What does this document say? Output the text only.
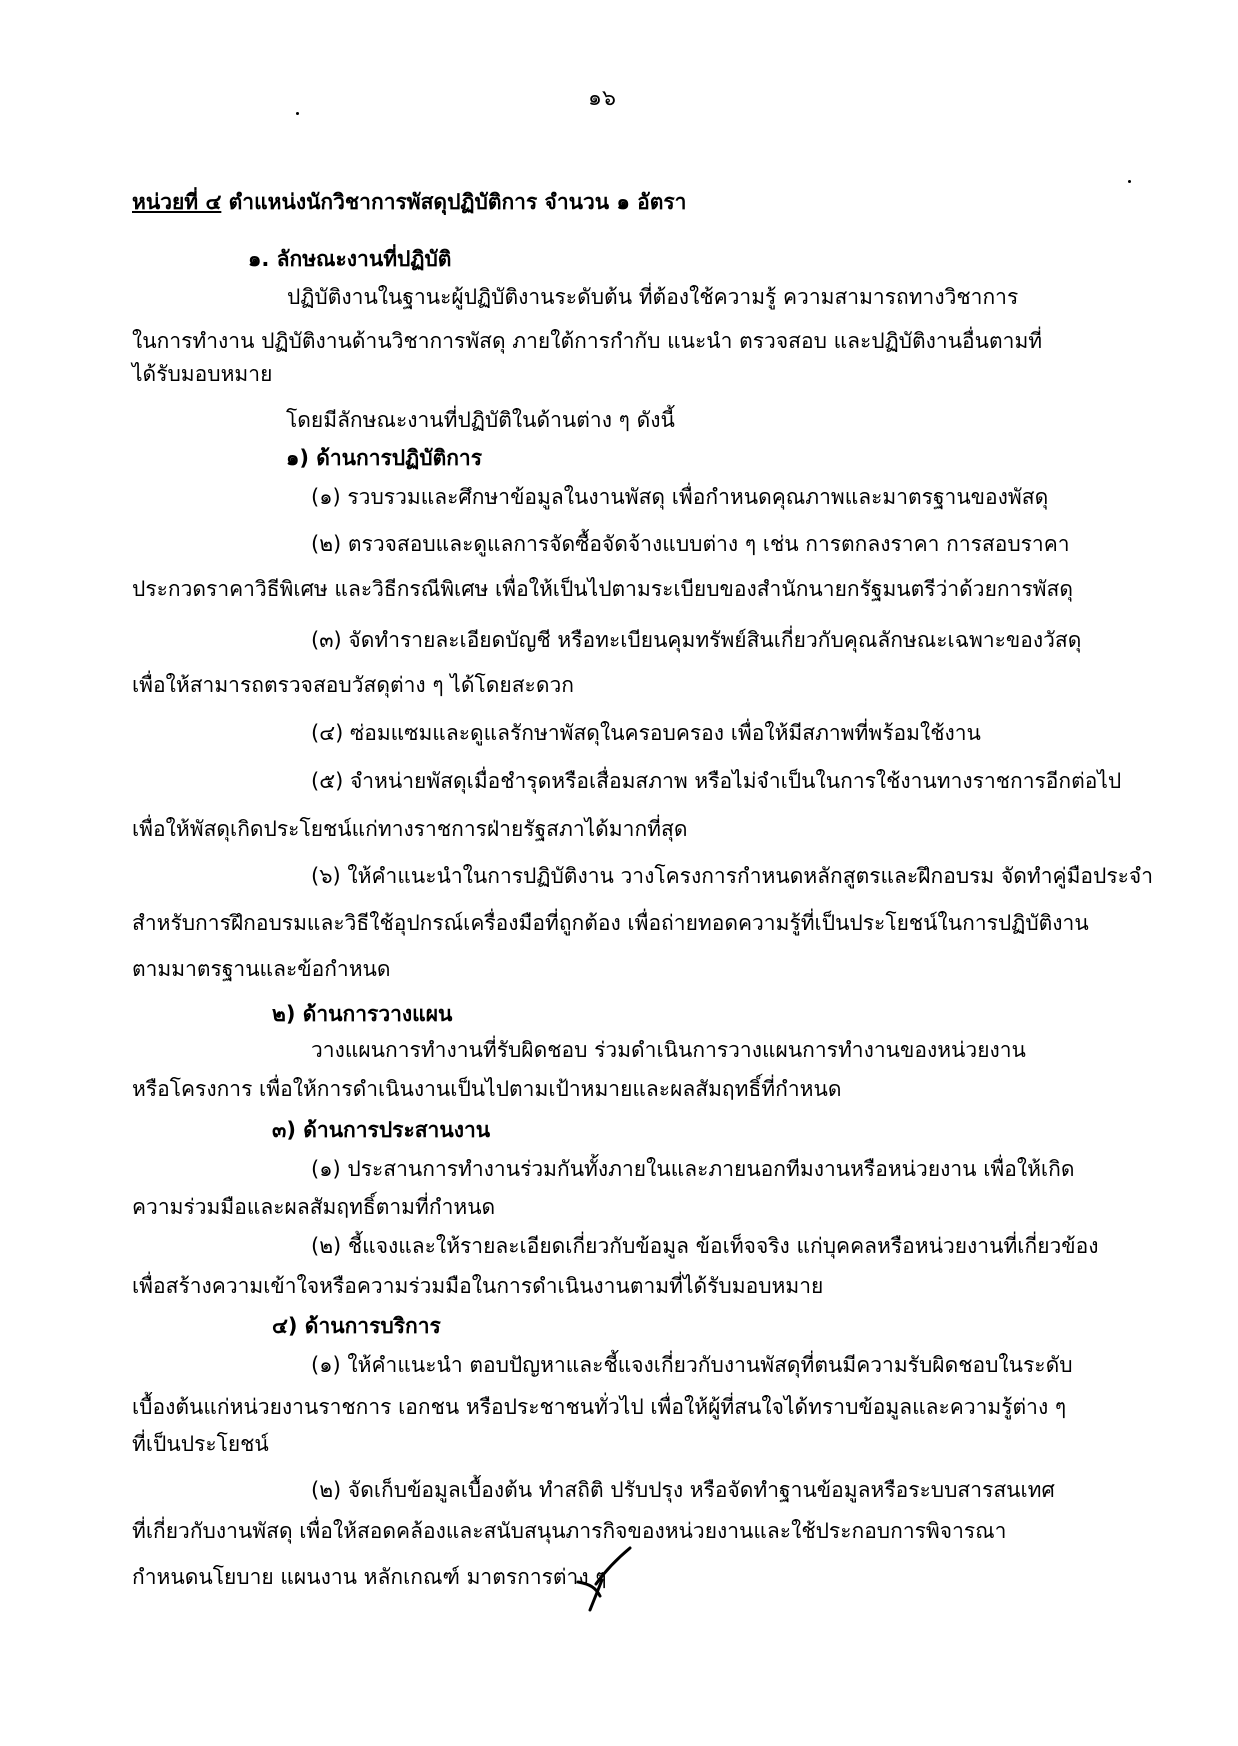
๑๖
หน่วยที่ ๔ ตำแหน่งนักวิชาการพัสดุปฏิบัติการ จำนวน ๑ อัตรา
๑. ลักษณะงานที่ปฏิบัติ
ปฏิบัติงานในฐานะผู้ปฏิบัติงานระดับต้น ที่ต้องใช้ความรู้ ความสามารถทางวิชาการ
ในการทำงาน ปฏิบัติงานด้านวิชาการพัสดุ ภายใต้การกำกับ แนะนำ ตรวจสอบ และปฏิบัติงานอื่นตามที่
ได้รับมอบหมาย
โดยมีลักษณะงานที่ปฏิบัติในด้านต่าง ๆ ดังนี้
๑) ด้านการปฏิบัติการ
(๑) รวบรวมและศึกษาข้อมูลในงานพัสดุ เพื่อกำหนดคุณภาพและมาตรฐานของพัสดุ
(๒) ตรวจสอบและดูแลการจัดซื้อจัดจ้างแบบต่าง ๆ เช่น การตกลงราคา การสอบราคา
ประกวดราคาวิธีพิเศษ และวิธีกรณีพิเศษ เพื่อให้เป็นไปตามระเบียบของสำนักนายกรัฐมนตรีว่าด้วยการพัสดุ
(๓) จัดทำรายละเอียดบัญชี หรือทะเบียนคุมทรัพย์สินเกี่ยวกับคุณลักษณะเฉพาะของวัสดุ
เพื่อให้สามารถตรวจสอบวัสดุต่าง ๆ ได้โดยสะดวก
(๔) ซ่อมแซมและดูแลรักษาพัสดุในครอบครอง เพื่อให้มีสภาพที่พร้อมใช้งาน
(๕) จำหน่ายพัสดุเมื่อชำรุดหรือเสื่อมสภาพ หรือไม่จำเป็นในการใช้งานทางราชการอีกต่อไป
เพื่อให้พัสดุเกิดประโยชน์แก่ทางราชการฝ่ายรัฐสภาได้มากที่สุด
(๖) ให้คำแนะนำในการปฏิบัติงาน วางโครงการกำหนดหลักสูตรและฝึกอบรม จัดทำคู่มือประจำ
สำหรับการฝึกอบรมและวิธีใช้อุปกรณ์เครื่องมือที่ถูกต้อง เพื่อถ่ายทอดความรู้ที่เป็นประโยชน์ในการปฏิบัติงาน
ตามมาตรฐานและข้อกำหนด
๒) ด้านการวางแผน
วางแผนการทำงานที่รับผิดชอบ ร่วมดำเนินการวางแผนการทำงานของหน่วยงาน
หรือโครงการ เพื่อให้การดำเนินงานเป็นไปตามเป้าหมายและผลสัมฤทธิ์ที่กำหนด
๓) ด้านการประสานงาน
(๑) ประสานการทำงานร่วมกันทั้งภายในและภายนอกทีมงานหรือหน่วยงาน เพื่อให้เกิด
ความร่วมมือและผลสัมฤทธิ์ตามที่กำหนด
(๒) ชี้แจงและให้รายละเอียดเกี่ยวกับข้อมูล ข้อเท็จจริง แก่บุคคลหรือหน่วยงานที่เกี่ยวข้อง
เพื่อสร้างความเข้าใจหรือความร่วมมือในการดำเนินงานตามที่ได้รับมอบหมาย
๔) ด้านการบริการ
(๑) ให้คำแนะนำ ตอบปัญหาและชี้แจงเกี่ยวกับงานพัสดุที่ตนมีความรับผิดชอบในระดับ
เบื้องต้นแก่หน่วยงานราชการ เอกชน หรือประชาชนทั่วไป เพื่อให้ผู้ที่สนใจได้ทราบข้อมูลและความรู้ต่าง ๆ
ที่เป็นประโยชน์
(๒) จัดเก็บข้อมูลเบื้องต้น ทำสถิติ ปรับปรุง หรือจัดทำฐานข้อมูลหรือระบบสารสนเทศ
ที่เกี่ยวกับงานพัสดุ เพื่อให้สอดคล้องและสนับสนุนภารกิจของหน่วยงานและใช้ประกอบการพิจารณา
กำหนดนโยบาย แผนงาน หลักเกณฑ์ มาตรการต่าง ๆ
